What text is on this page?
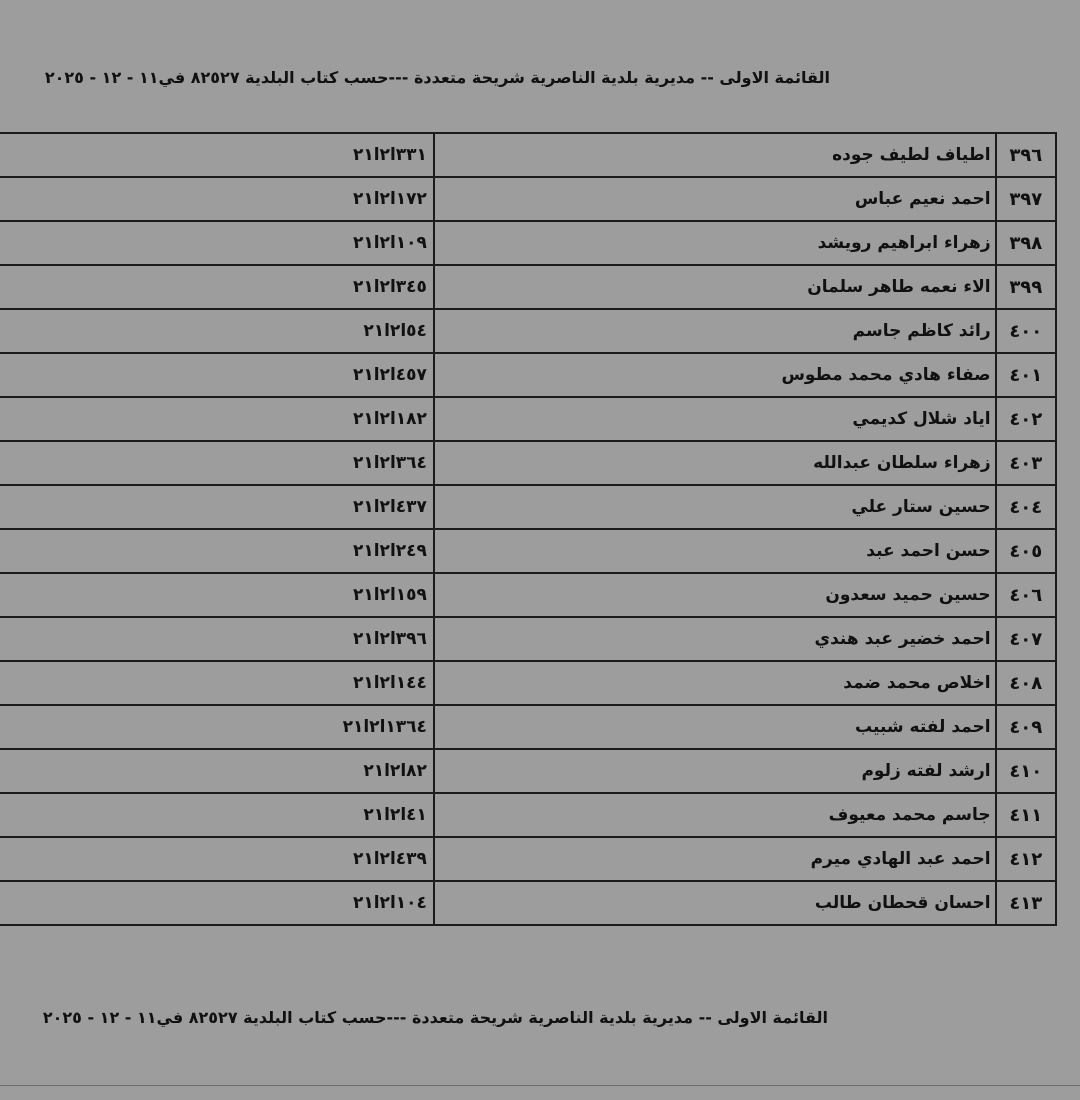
القائمة الاولى -- مديرية بلدية الناصرية شريحة متعددة ---حسب كتاب البلدية ٨٢٥٢٧ في١١ - ١٢ - ٢٠٢٥
٣٩٦	اطياف لطيف جوده	٣٣١ا٢ا٢١
٣٩٧	احمد نعيم عباس	١٧٢ا٢ا٢١
٣٩٨	زهراء ابراهيم رويشد	١٠٩ا٢ا٢١
٣٩٩	الاء نعمه طاهر سلمان	٣٤٥ا٢ا٢١
٤٠٠	رائد كاظم جاسم	٥٤ا٢ا٢١
٤٠١	صفاء هادي محمد مطوس	٤٥٧ا٢ا٢١
٤٠٢	اياد شلال كديمي	١٨٢ا٢ا٢١
٤٠٣	زهراء سلطان عبدالله	٣٦٤ا٢ا٢١
٤٠٤	حسين ستار علي	٤٣٧ا٢ا٢١
٤٠٥	حسن احمد عبد	٢٤٩ا٢ا٢١
٤٠٦	حسين حميد سعدون	١٥٩ا٢ا٢١
٤٠٧	احمد خضير عبد هندي	٣٩٦ا٢ا٢١
٤٠٨	اخلاص محمد ضمد	١٤٤ا٢ا٢١
٤٠٩	احمد لفته شبيب	١٣٦٤ا٢ا٢١
٤١٠	ارشد لفته زلوم	٨٢ا٢ا٢١
٤١١	جاسم محمد معيوف	٤١ا٢ا٢١
٤١٢	احمد عبد الهادي ميرم	٤٣٩ا٢ا٢١
٤١٣	احسان قحطان طالب	١٠٤ا٢ا٢١
القائمة الاولى -- مديرية بلدية الناصرية شريحة متعددة ---حسب كتاب البلدية ٨٢٥٢٧ في١١ - ١٢ - ٢٠٢٥
